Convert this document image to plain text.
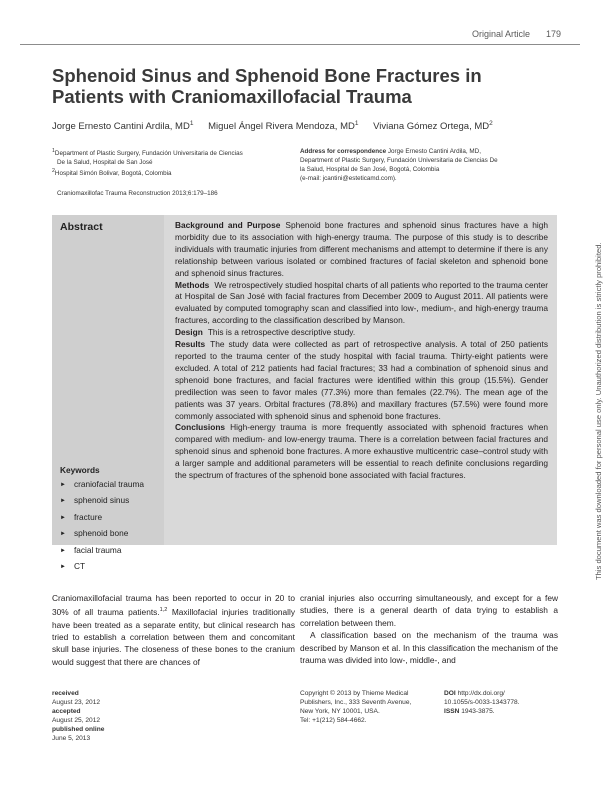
Original Article 179
Sphenoid Sinus and Sphenoid Bone Fractures in Patients with Craniomaxillofacial Trauma
Jorge Ernesto Cantini Ardila, $MD^1$ Miguel Ángel Rivera Mendoza, $MD^1$ Viviana Gómez Ortega, $MD^2$

$^1$Department of Plastic Surgery, Fundación Universitaria de Ciencias

De la Salud, Hospital de San José

$^2$Hospital Simón Bolivar, Bogotá, Colombia

Craniomaxillofac Trauma Reconstruction 2013;6:179–186

Address for correspondence Jorge Ernesto Cantini Ardila, MD,

Department of Plastic Surgery, Fundación Universitaria de Ciencias De

la Salud, Hospital de San José, Bogotá, Colombia

(e-mail: jcantini@esteticamd.com).

Abstract
Keywords
► craniofacial trauma
► sphenoid sinus
► fracture
► sphenoid bone
► facial trauma
► CT

Background and Purpose Sphenoid bone fractures and sphenoid sinus fractures have a high morbidity due to its association with high-energy trauma. The purpose of this study is to describe individuals with traumatic injuries from different mechanisms and attempt to determine if there is any relationship between various isolated or combined fractures of facial skeleton and sphenoid bone and sphenoid sinus fractures.

Methods We retrospectively studied hospital charts of all patients who reported to the trauma center at Hospital de San José with facial fractures from December 2009 to August 2011. All patients were evaluated by computed tomography scan and classified into low-, medium-, and high-energy trauma fractures, according to the classification described by Manson.

Design This is a retrospective descriptive study.

Results The study data were collected as part of retrospective analysis. A total of 250 patients reported to the trauma center of the study hospital with facial trauma. Thirty-eight patients were excluded. A total of 212 patients had facial fractures; 33 had a combination of sphenoid sinus and sphenoid bone fractures, and facial fractures were identified within this group (15.5%). Gender predilection was seen to favor males (77.3%) more than females (22.7%). The mean age of the patients was 37 years. Orbital fractures (78.8%) and maxillary fractures (57.5%) were found more commonly associated with sphenoid sinus and sphenoid bone fractures.

Conclusions High-energy trauma is more frequently associated with sphenoid fractures when compared with medium- and low-energy trauma. There is a correlation between facial fractures and sphenoid sinus and sphenoid bone fractures. A more exhaustive multicentric case–control study with a larger sample and additional parameters will be essential to reach definite conclusions regarding the spectrum of fractures of the sphenoid bone associated with facial fractures.	This document was downloaded for personal use only. Unauthorized distribution is strictly prohibited.

Craniomaxillofacial trauma has been reported to occur in 20 to 30% of all trauma patients.$^{1,2}$ Maxillofacial injuries traditionally have been treated as a separate entity, but clinical research has tried to establish a correlation between them and concomitant skull base injuries. The closeness of these bones to the cranium would suggest that there are chances of

cranial injuries also occurring simultaneously, and except for a few studies, there is a general dearth of data trying to establish a correlation between them.

A classification based on the mechanism of the trauma was described by Manson et al. In this classification the mechanism of the trauma was divided into low-, middle-, and

received

August 23, 2012

accepted

August 25, 2012

published online

June 5, 2013

Copyright © 2013 by Thieme Medical

Publishers, Inc., 333 Seventh Avenue,

New York, NY 10001, USA.

Tel: +1(212) 584-4662.

DOI http://dx.doi.org/

10.1055/s-0033-1343778.

ISSN 1943-3875.
